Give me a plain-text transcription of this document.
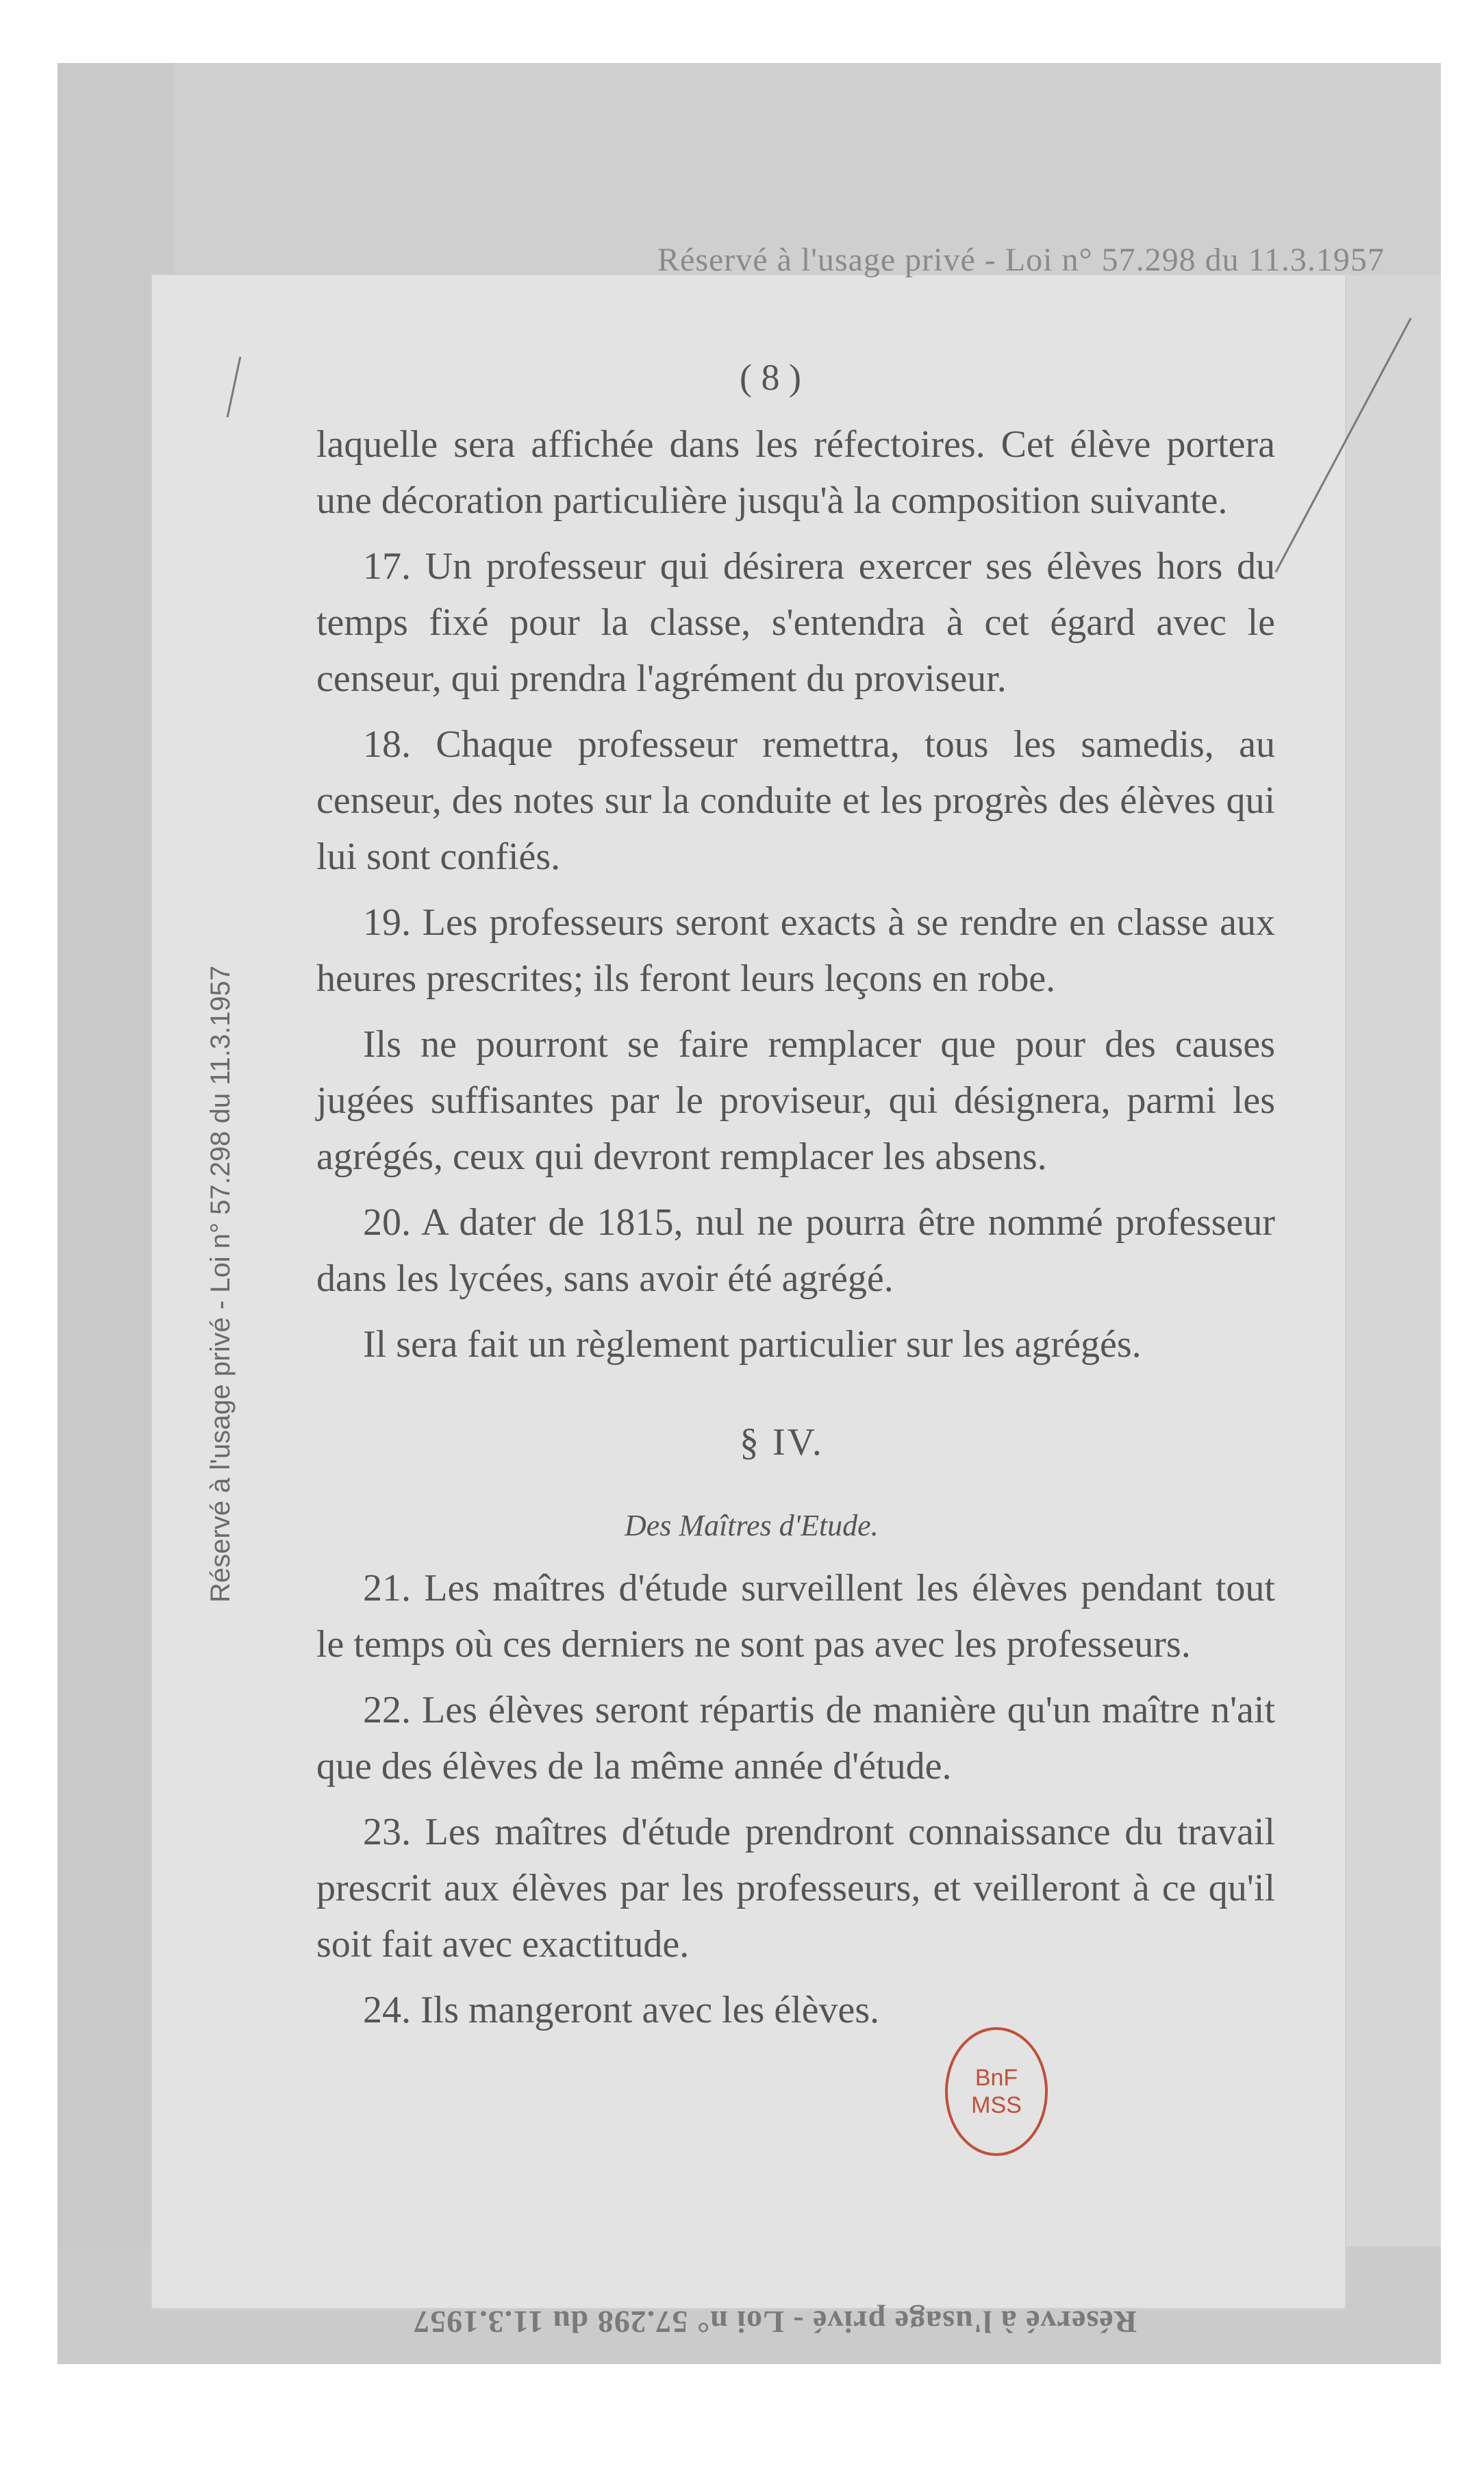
Réservé à l'usage privé - Loi n° 57.298 du 11.3.1957
Réservé à l'usage privé - Loi n° 57.298 du 11.3.1957
Réservé à l'usage privé - Loi n° 57.298 du 11.3.1957
( 8 )

laquelle sera affichée dans les réfectoires. Cet élève portera une décoration particulière jusqu'à la composition suivante.

17. Un professeur qui désirera exercer ses élèves hors du temps fixé pour la classe, s'entendra à cet égard avec le censeur, qui prendra l'agrément du proviseur.

18. Chaque professeur remettra, tous les samedis, au censeur, des notes sur la conduite et les progrès des élèves qui lui sont confiés.

19. Les professeurs seront exacts à se rendre en classe aux heures prescrites; ils feront leurs leçons en robe.

Ils ne pourront se faire remplacer que pour des causes jugées suffisantes par le proviseur, qui désignera, parmi les agrégés, ceux qui devront remplacer les absens.

20. A dater de 1815, nul ne pourra être nommé professeur dans les lycées, sans avoir été agrégé.

Il sera fait un règlement particulier sur les agrégés.

§ IV.
Des Maîtres d'Etude.

21. Les maîtres d'étude surveillent les élèves pendant tout le temps où ces derniers ne sont pas avec les professeurs.

22. Les élèves seront répartis de manière qu'un maître n'ait que des élèves de la même année d'étude.

23. Les maîtres d'étude prendront connaissance du travail prescrit aux élèves par les professeurs, et veilleront à ce qu'il soit fait avec exactitude.

24. Ils mangeront avec les élèves.

BnF
MSS
